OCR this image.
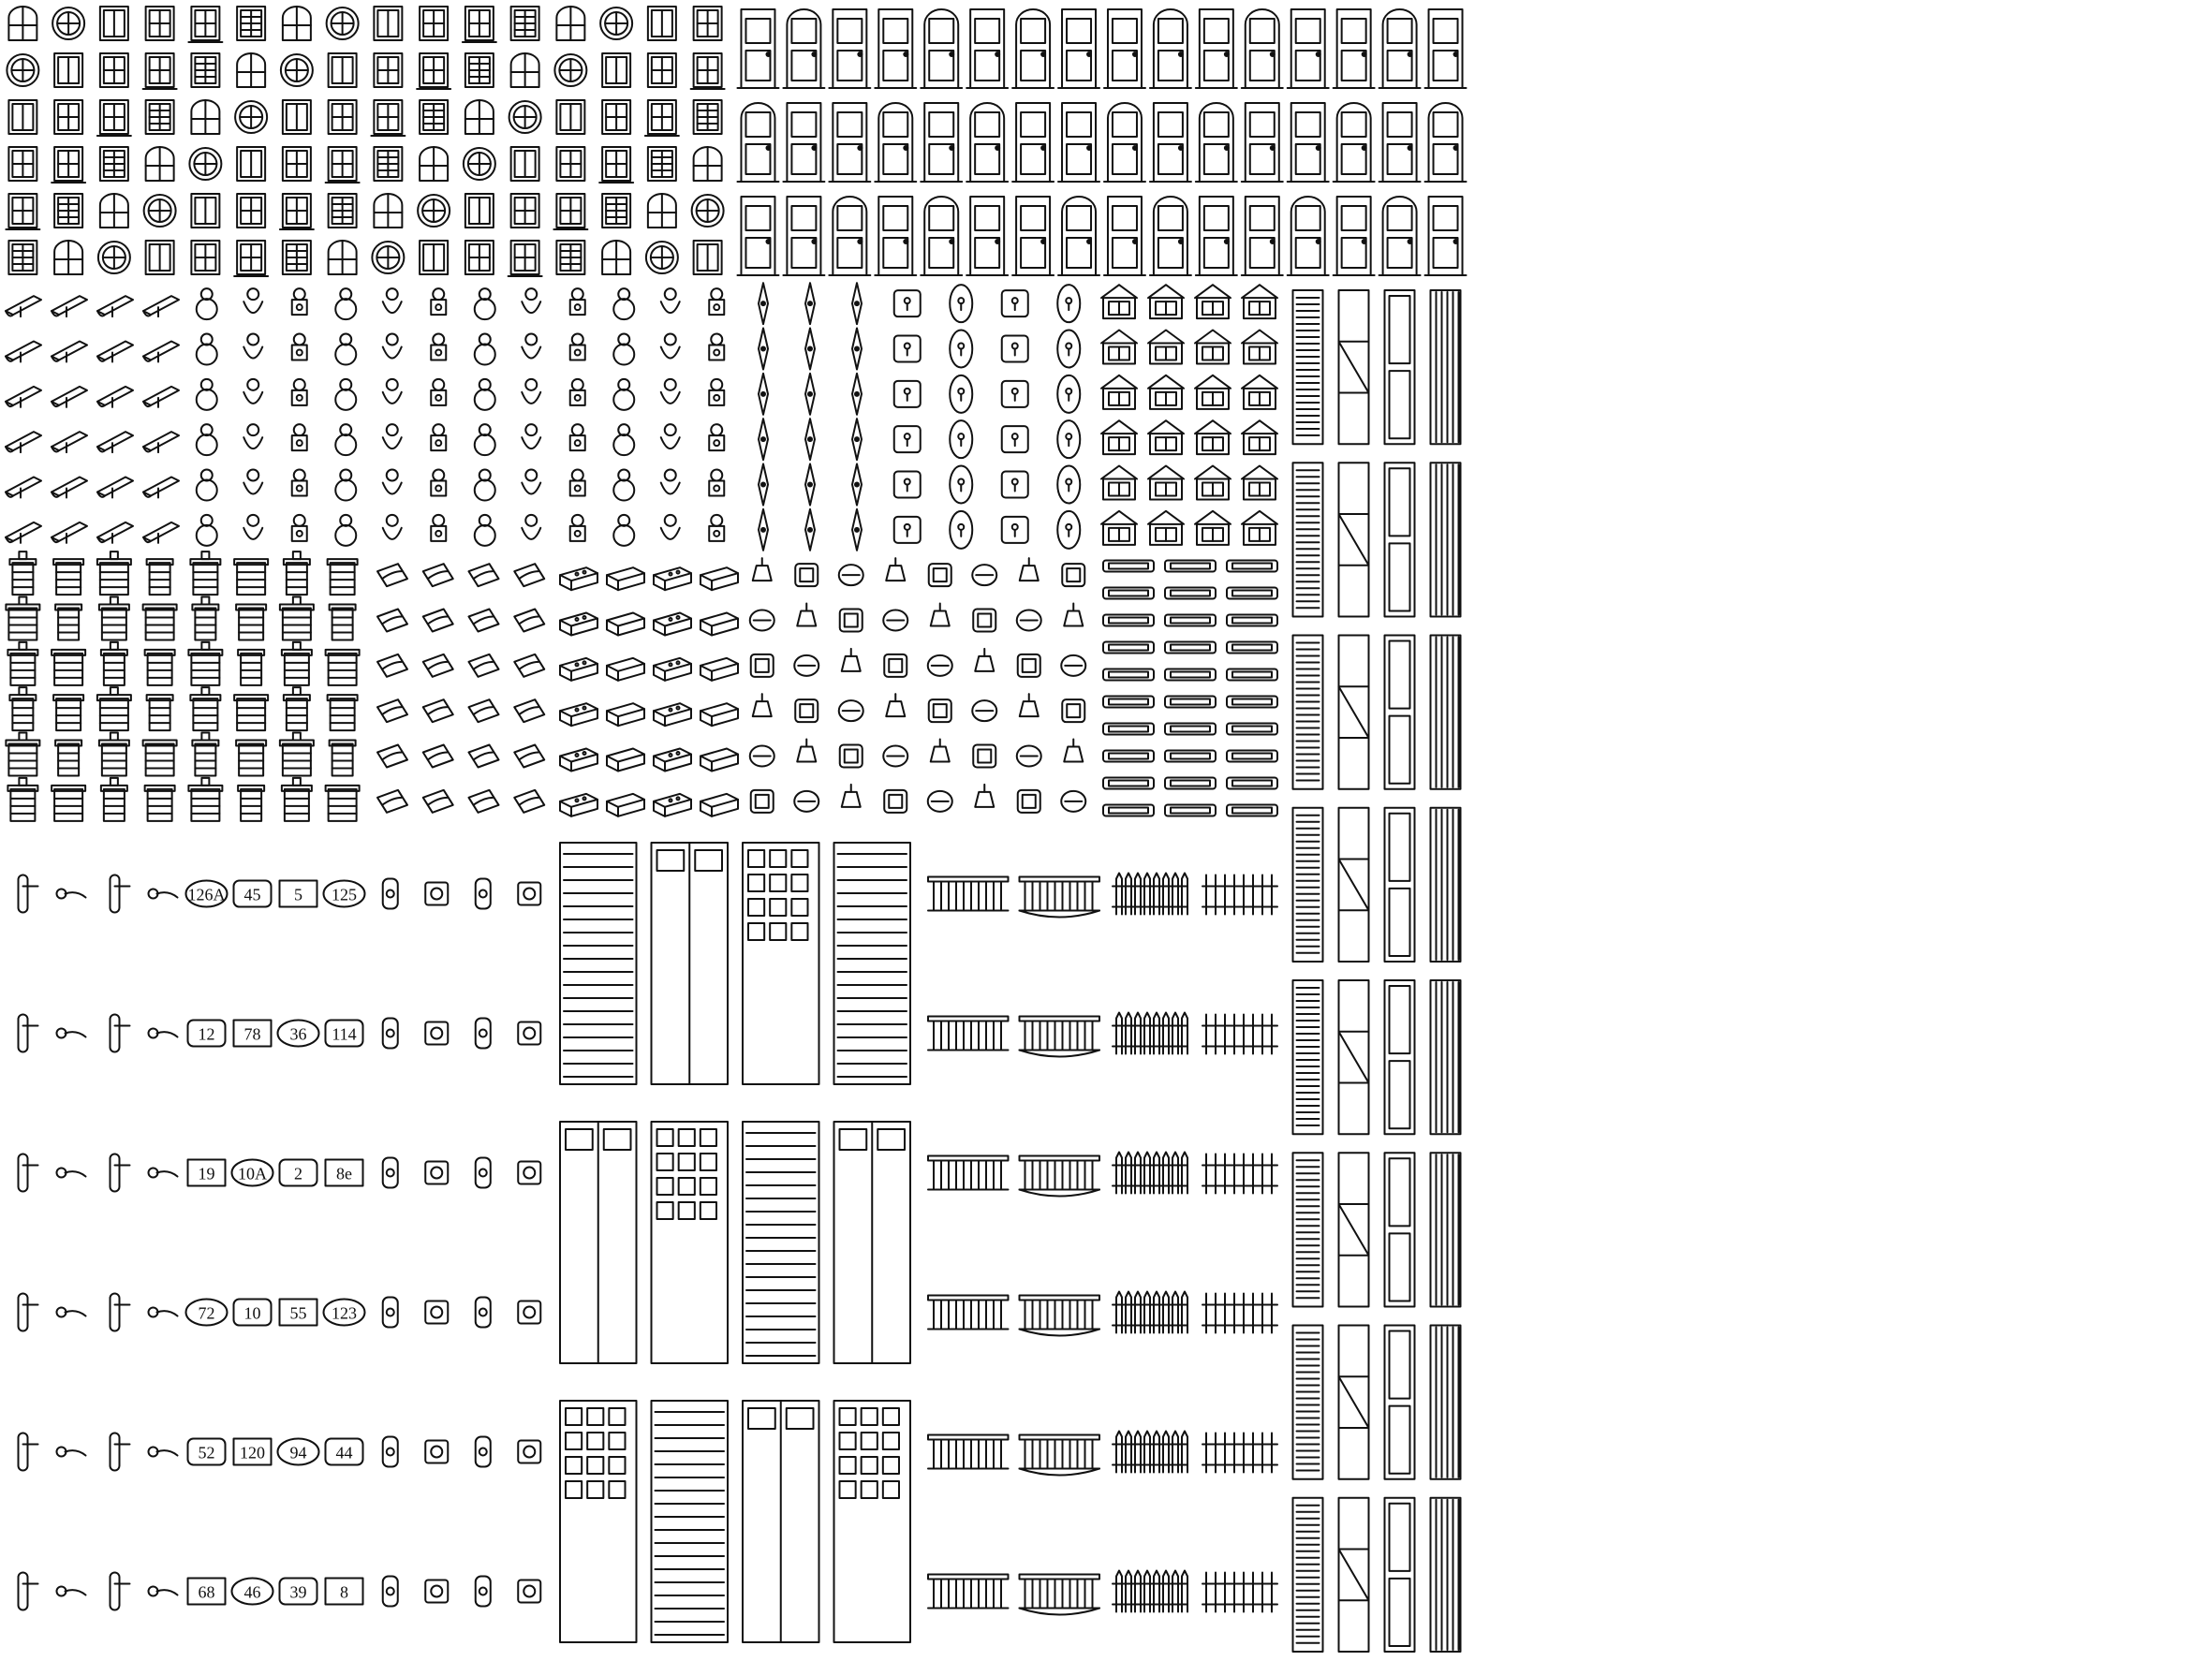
126A 45 5 125
12 78 36 114
19 10A 2 8e
72 10 55 123
52 120 94 44
68 46 39 8
